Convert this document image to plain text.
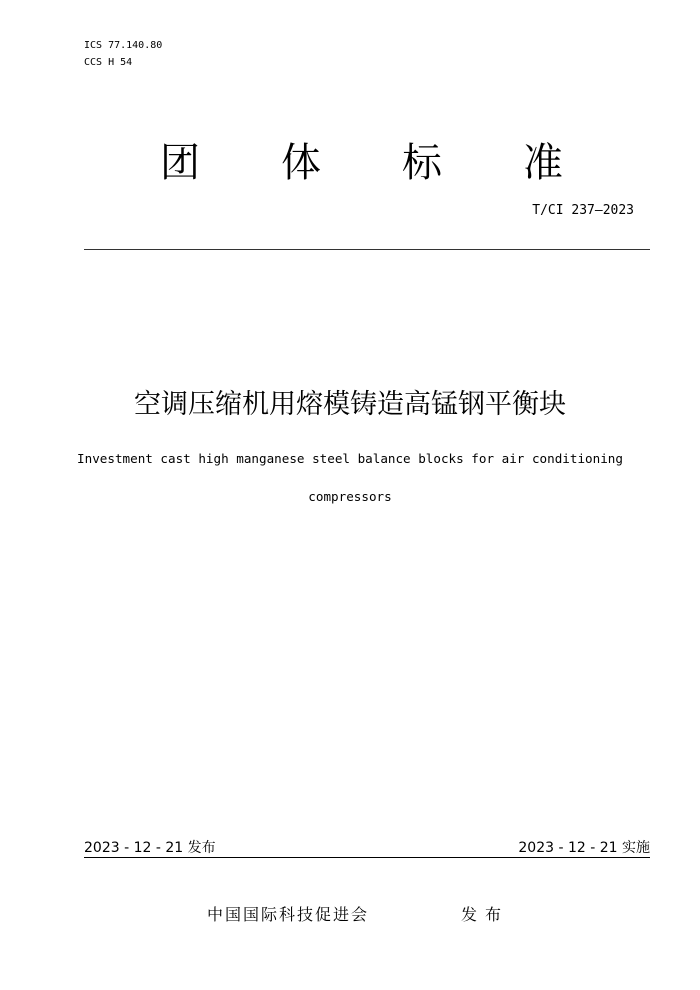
ICS 77.140.80
CCS H 54
团 体 标 准
T/CI 237—2023
空调压缩机用熔模铸造高锰钢平衡块
Investment cast high manganese steel balance blocks for air conditioning compressors
2023 - 12 - 21 发布	2023 - 12 - 21 实施
中国国际科技促进会	发布
